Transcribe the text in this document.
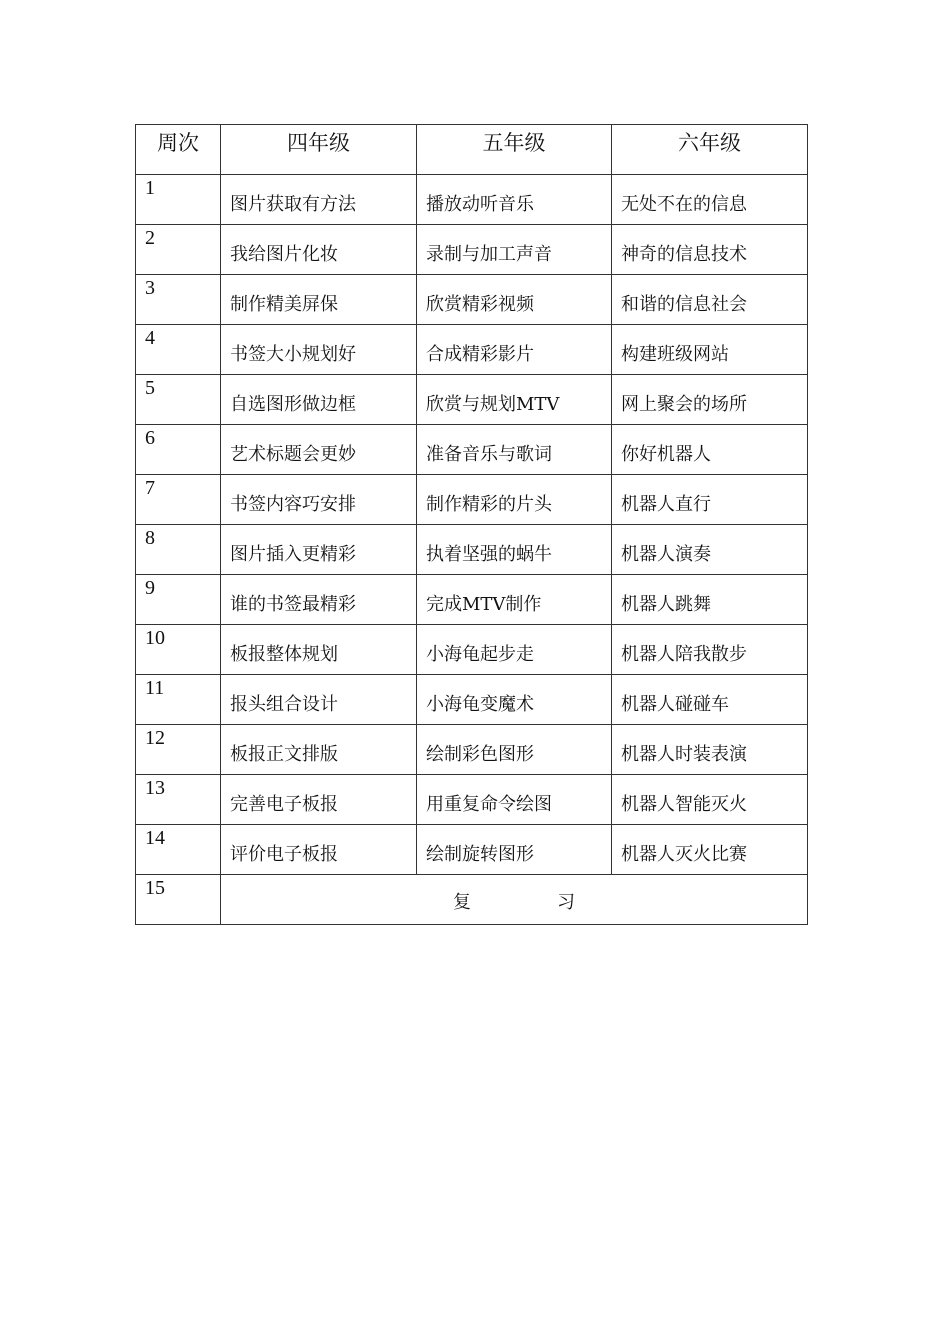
周次	四年级	五年级	六年级
1	图片获取有方法	播放动听音乐	无处不在的信息
2	我给图片化妆	录制与加工声音	神奇的信息技术
3	制作精美屏保	欣赏精彩视频	和谐的信息社会
4	书签大小规划好	合成精彩影片	构建班级网站
5	自选图形做边框	欣赏与规划MTV	网上聚会的场所
6	艺术标题会更妙	准备音乐与歌词	你好机器人
7	书签内容巧安排	制作精彩的片头	机器人直行
8	图片插入更精彩	执着坚强的蜗牛	机器人演奏
9	谁的书签最精彩	完成MTV制作	机器人跳舞
10	板报整体规划	小海龟起步走	机器人陪我散步
11	报头组合设计	小海龟变魔术	机器人碰碰车
12	板报正文排版	绘制彩色图形	机器人时装表演
13	完善电子板报	用重复命令绘图	机器人智能灭火
14	评价电子板报	绘制旋转图形	机器人灭火比赛
15	复 习		
